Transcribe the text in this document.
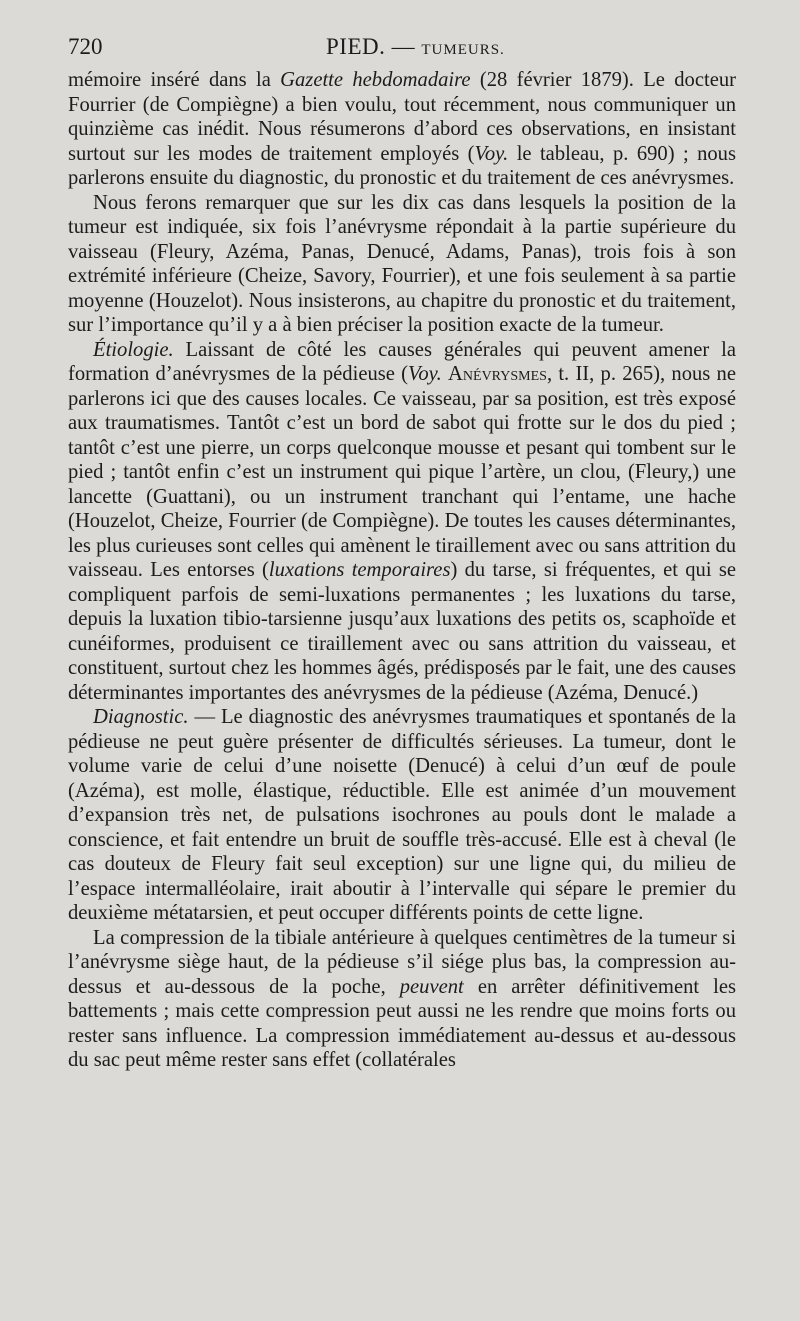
720	PIED. — TUMEURS.

mémoire inséré dans la Gazette hebdomadaire (28 février 1879). Le docteur Fourrier (de Compiègne) a bien voulu, tout récemment, nous communiquer un quinzième cas inédit. Nous résumerons d’abord ces observations, en insistant surtout sur les modes de traitement employés (Voy. le tableau, p. 690) ; nous parlerons ensuite du diagnostic, du pronostic et du traitement de ces anévrysmes.

Nous ferons remarquer que sur les dix cas dans lesquels la position de la tumeur est indiquée, six fois l’anévrysme répondait à la partie supérieure du vaisseau (Fleury, Azéma, Panas, Denucé, Adams, Panas), trois fois à son extrémité inférieure (Cheize, Savory, Fourrier), et une fois seulement à sa partie moyenne (Houzelot). Nous insisterons, au chapitre du pronostic et du traitement, sur l’importance qu’il y a à bien préciser la position exacte de la tumeur.

Étiologie. Laissant de côté les causes générales qui peuvent amener la formation d’anévrysmes de la pédieuse (Voy. Anévrysmes, t. II, p. 265), nous ne parlerons ici que des causes locales. Ce vaisseau, par sa position, est très exposé aux traumatismes. Tantôt c’est un bord de sabot qui frotte sur le dos du pied ; tantôt c’est une pierre, un corps quelconque mousse et pesant qui tombent sur le pied ; tantôt enfin c’est un instrument qui pique l’artère, un clou, (Fleury,) une lancette (Guattani), ou un instrument tranchant qui l’entame, une hache (Houzelot, Cheize, Fourrier (de Compiègne). De toutes les causes déterminantes, les plus curieuses sont celles qui amènent le tiraillement avec ou sans attrition du vaisseau. Les entorses (luxations temporaires) du tarse, si fréquentes, et qui se compliquent parfois de semi-luxations permanentes ; les luxations du tarse, depuis la luxation tibio-tarsienne jusqu’aux luxations des petits os, scaphoïde et cunéiformes, produisent ce tiraillement avec ou sans attrition du vaisseau, et constituent, surtout chez les hommes âgés, prédisposés par le fait, une des causes déterminantes importantes des anévrysmes de la pédieuse (Azéma, Denucé.)

Diagnostic. — Le diagnostic des anévrysmes traumatiques et spontanés de la pédieuse ne peut guère présenter de difficultés sérieuses. La tumeur, dont le volume varie de celui d’une noisette (Denucé) à celui d’un œuf de poule (Azéma), est molle, élastique, réductible. Elle est animée d’un mouvement d’expansion très net, de pulsations isochrones au pouls dont le malade a conscience, et fait entendre un bruit de souffle très-accusé. Elle est à cheval (le cas douteux de Fleury fait seul exception) sur une ligne qui, du milieu de l’espace intermalléolaire, irait aboutir à l’intervalle qui sépare le premier du deuxième métatarsien, et peut occuper différents points de cette ligne.

La compression de la tibiale antérieure à quelques centimètres de la tumeur si l’anévrysme siège haut, de la pédieuse s’il siége plus bas, la compression au-dessus et au-dessous de la poche, peuvent en arrêter définitivement les battements ; mais cette compression peut aussi ne les rendre que moins forts ou rester sans influence. La compression immédiatement au-dessus et au-dessous du sac peut même rester sans effet (collatérales
